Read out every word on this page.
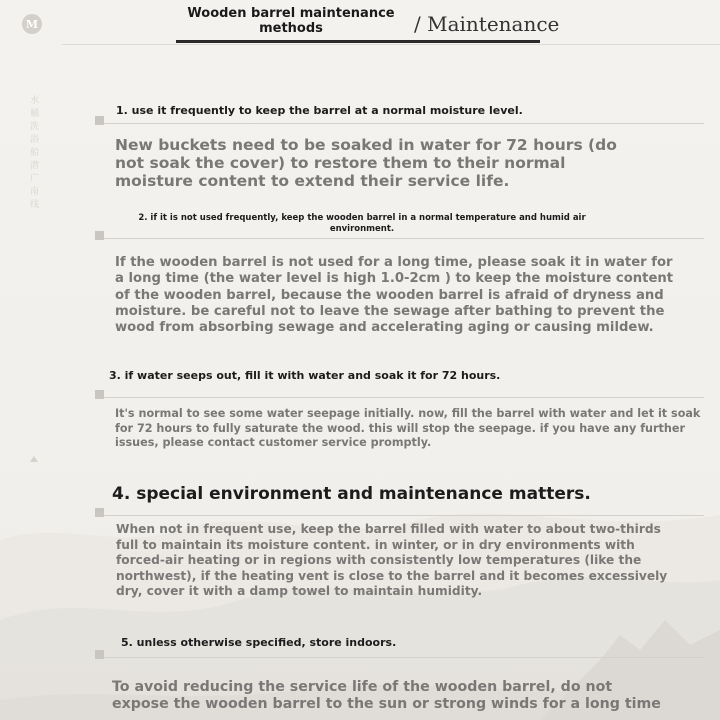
M
Wooden barrel maintenance methods	/ Maintenance
水桶洗浴 船潪广南线
1. use it frequently to keep the barrel at a normal moisture level.
New buckets need to be soaked in water for 72 hours (do not soak the cover) to restore them to their normal moisture content to extend their service life.
2. if it is not used frequently, keep the wooden barrel in a normal temperature and humid air environment.
If the wooden barrel is not used for a long time, please soak it in water for a long time (the water level is high 1.0-2cm ) to keep the moisture content of the wooden barrel, because the wooden barrel is afraid of dryness and moisture. be careful not to leave the sewage after bathing to prevent the wood from absorbing sewage and accelerating aging or causing mildew.
3. if water seeps out, fill it with water and soak it for 72 hours.
It's normal to see some water seepage initially. now, fill the barrel with water and let it soak for 72 hours to fully saturate the wood. this will stop the seepage. if you have any further issues, please contact customer service promptly.
4. special environment and maintenance matters.
When not in frequent use, keep the barrel filled with water to about two-thirds full to maintain its moisture content. in winter, or in dry environments with forced-air heating or in regions with consistently low temperatures (like the northwest), if the heating vent is close to the barrel and it becomes excessively dry, cover it with a damp towel to maintain humidity.
5. unless otherwise specified, store indoors.
To avoid reducing the service life of the wooden barrel, do not expose the wooden barrel to the sun or strong winds for a long time
